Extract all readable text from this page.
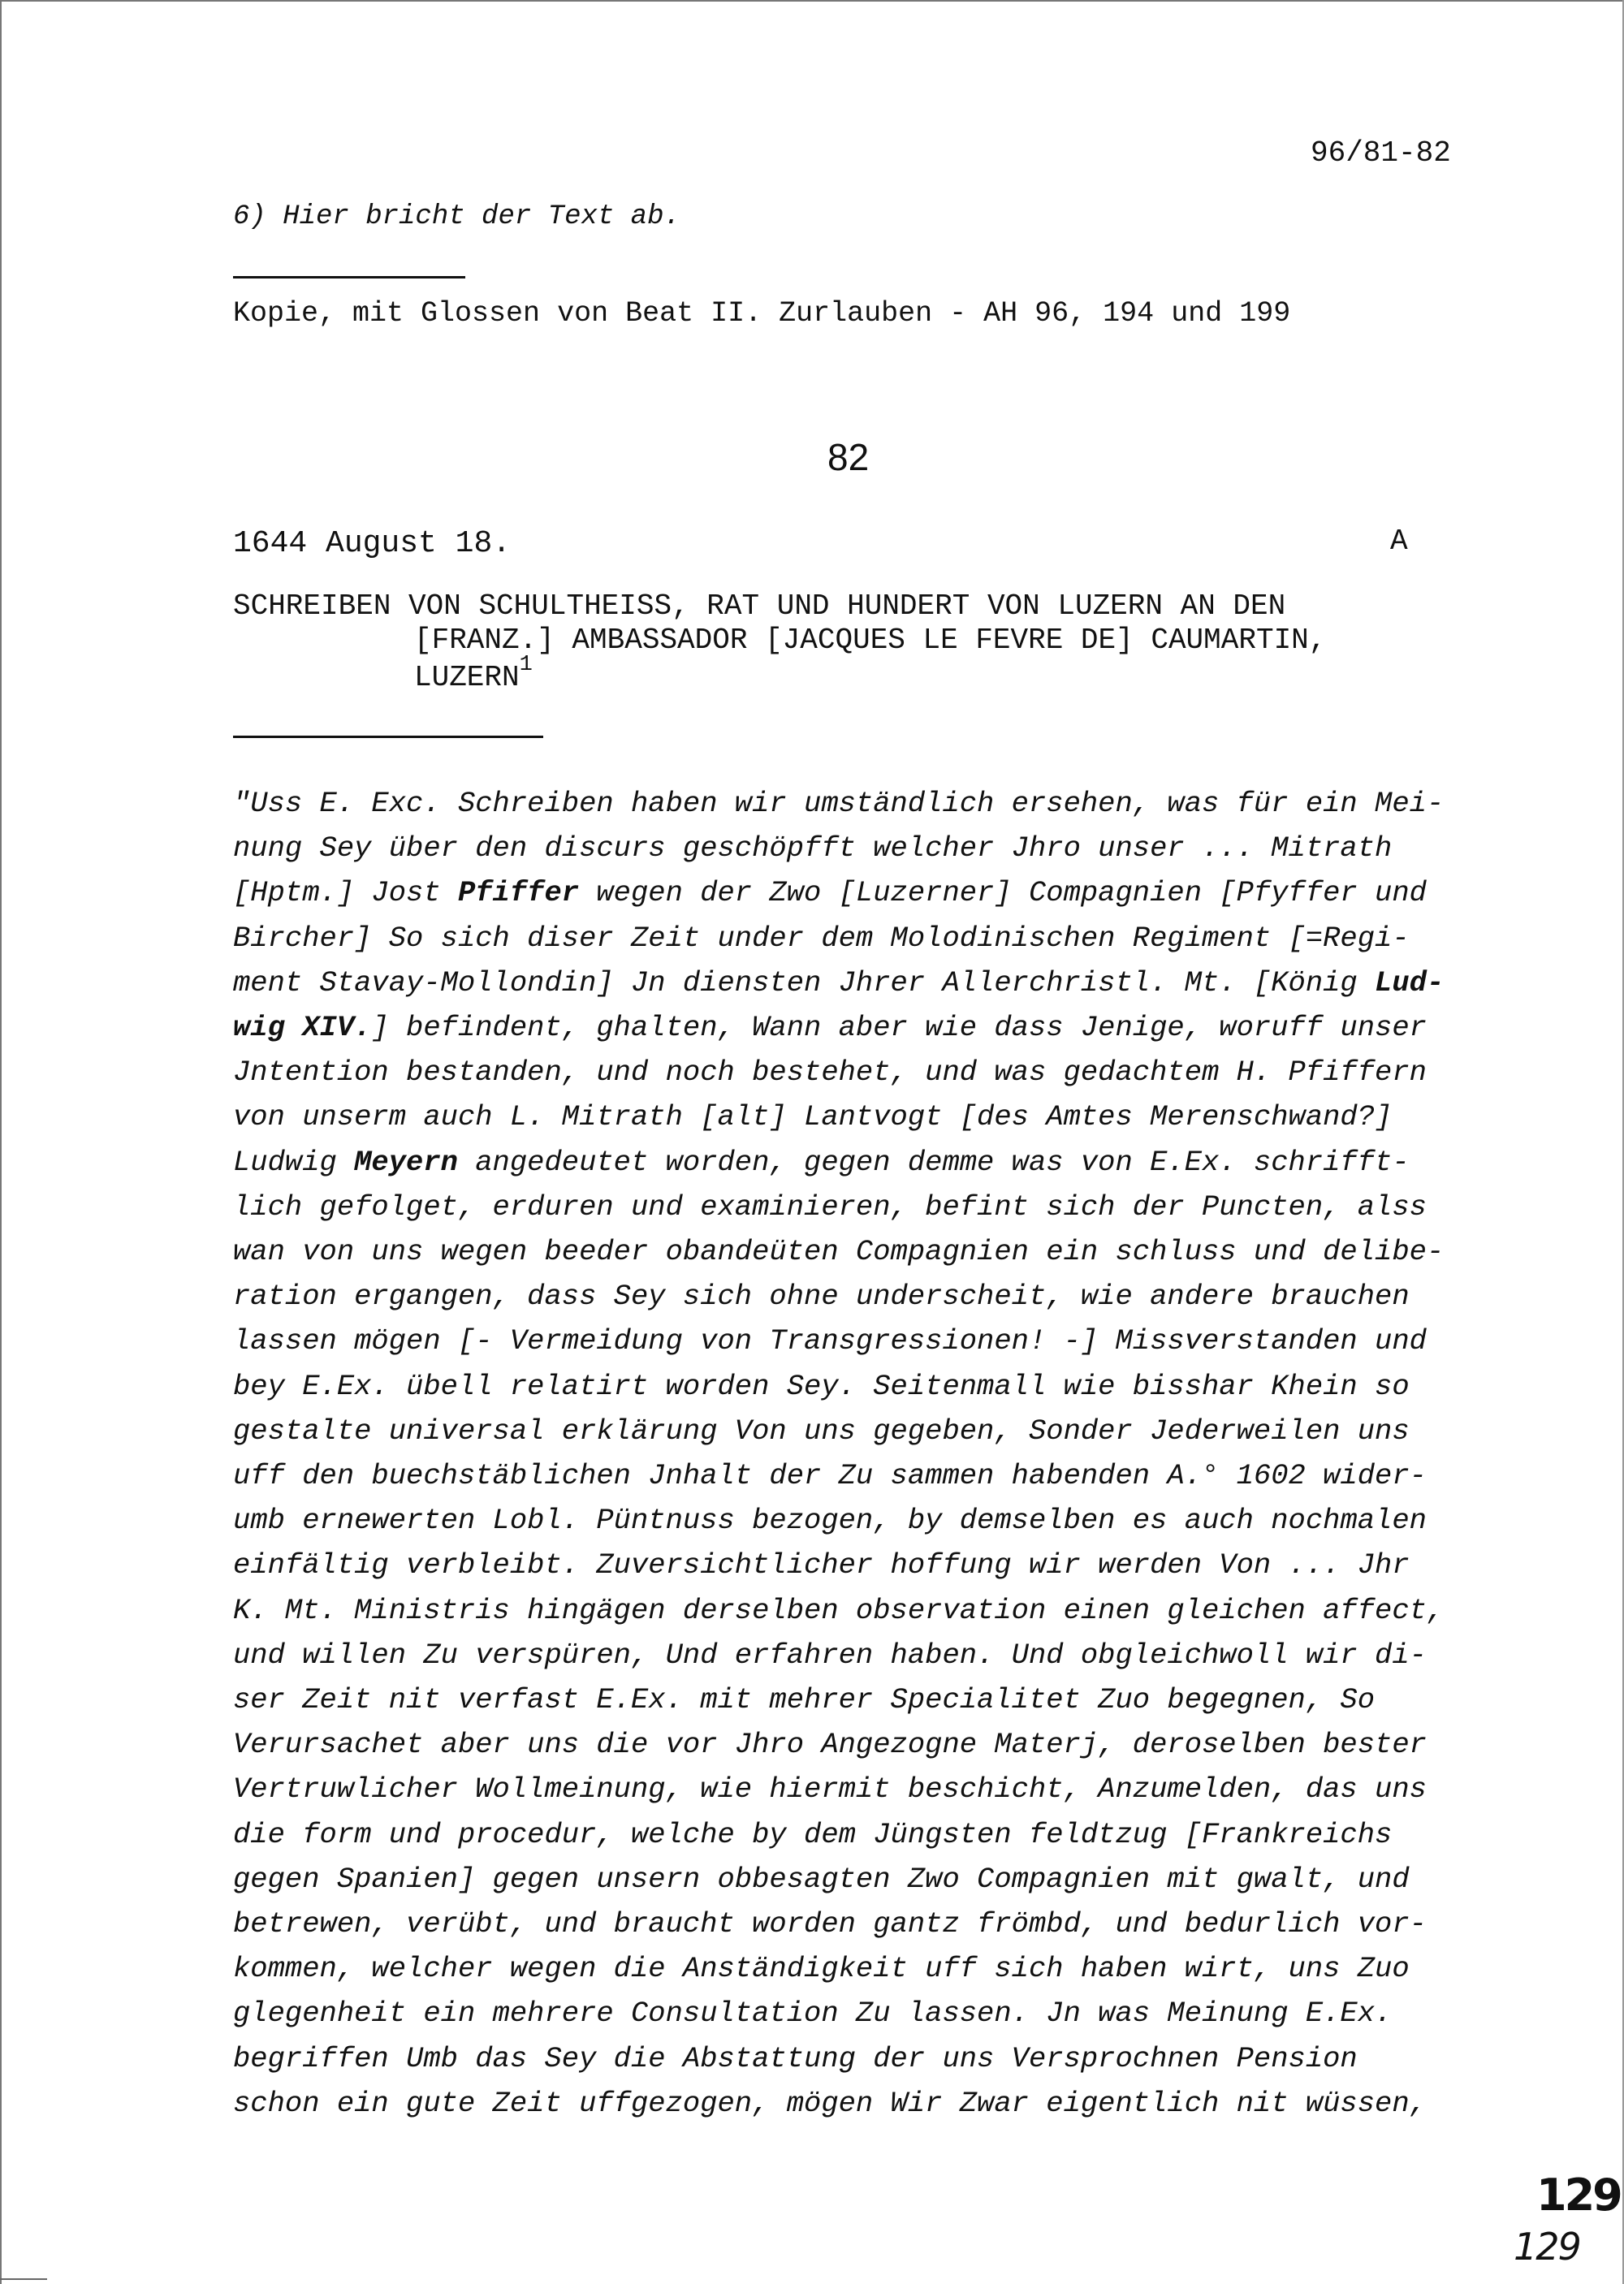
96/81-82
6) Hier bricht der Text ab.
Kopie, mit Glossen von Beat II. Zurlauben - AH 96, 194 und 199
82
1644 August 18.	A
SCHREIBEN VON SCHULTHEISS, RAT UND HUNDERT VON LUZERN AN DEN
[FRANZ.] AMBASSADOR [JACQUES LE FEVRE DE] CAUMARTIN,
LUZERN$^1$
"Uss E. Exc. Schreiben haben wir umständlich ersehen, was für ein Mei-
nung Sey über den discurs geschöpfft welcher Jhro unser ... Mitrath
[Hptm.] Jost Pfiffer wegen der Zwo [Luzerner] Compagnien [Pfyffer und
Bircher] So sich diser Zeit under dem Molodinischen Regiment [=Regi-
ment Stavay-Mollondin] Jn diensten Jhrer Allerchristl. Mt. [König Lud-
wig XIV.] befindent, ghalten, Wann aber wie dass Jenige, woruff unser
Jntention bestanden, und noch bestehet, und was gedachtem H. Pfiffern
von unserm auch L. Mitrath [alt] Lantvogt [des Amtes Merenschwand?]
Ludwig Meyern angedeutet worden, gegen demme was von E.Ex. schrifft-
lich gefolget, erduren und examinieren, befint sich der Puncten, alss
wan von uns wegen beeder obandeüten Compagnien ein schluss und delibe-
ration ergangen, dass Sey sich ohne underscheit, wie andere brauchen
lassen mögen [- Vermeidung von Transgressionen! -] Missverstanden und
bey E.Ex. übell relatirt worden Sey. Seitenmall wie bisshar Khein so
gestalte universal erklärung Von uns gegeben, Sonder Jederweilen uns
uff den buechstäblichen Jnhalt der Zu sammen habenden A.° 1602 wider-
umb ernewerten Lobl. Püntnuss bezogen, by demselben es auch nochmalen
einfältig verbleibt. Zuversichtlicher hoffung wir werden Von ... Jhr
K. Mt. Ministris hingägen derselben observation einen gleichen affect,
und willen Zu verspüren, Und erfahren haben. Und obgleichwoll wir di-
ser Zeit nit verfast E.Ex. mit mehrer Specialitet Zuo begegnen, So
Verursachet aber uns die vor Jhro Angezogne Materj, deroselben bester
Vertruwlicher Wollmeinung, wie hiermit beschicht, Anzumelden, das uns
die form und procedur, welche by dem Jüngsten feldtzug [Frankreichs
gegen Spanien] gegen unsern obbesagten Zwo Compagnien mit gwalt, und
betrewen, verübt, und braucht worden gantz frömbd, und bedurlich vor-
kommen, welcher wegen die Anständigkeit uff sich haben wirt, uns Zuo
glegenheit ein mehrere Consultation Zu lassen. Jn was Meinung E.Ex.
begriffen Umb das Sey die Abstattung der uns Versprochnen Pension
schon ein gute Zeit uffgezogen, mögen Wir Zwar eigentlich nit wüssen,
129
129
